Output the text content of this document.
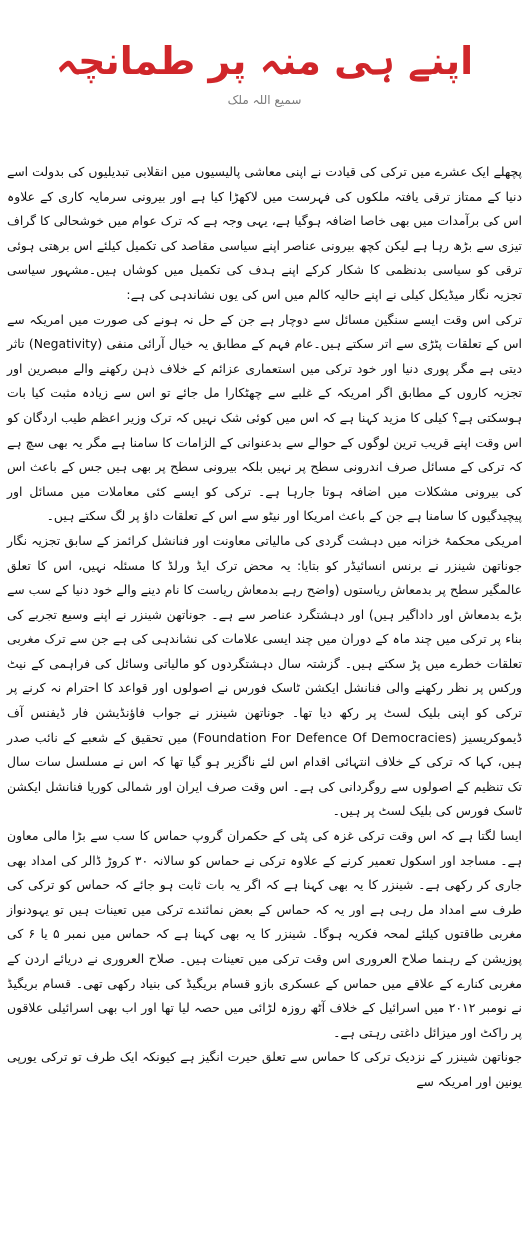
اپنے ہی منہ پر طمانچہ
سمیع اللہ ملک

پچھلے ایک عشرے میں ترکی کی قیادت نے اپنی معاشی پالیسیوں میں انقلابی تبدیلیوں کی بدولت اسے دنیا کے ممتاز ترقی یافتہ ملکوں کی فہرست میں لاکھڑا کیا ہے اور بیرونی سرمایہ کاری کے علاوہ اس کی برآمدات میں بھی خاصا اضافہ ہوگیا ہے، یہی وجہ ہے کہ ترک عوام میں خوشحالی کا گراف تیزی سے بڑھ رہا ہے لیکن کچھ بیرونی عناصر اپنے سیاسی مقاصد کی تکمیل کیلئے اس برھتی ہوئی ترقی کو سیاسی بدنظمی کا شکار کرکے اپنے ہدف کی تکمیل میں کوشاں ہیں۔مشہور سیاسی تجزیہ نگار میڈیکل کیلی نے اپنے حالیہ کالم میں اس کی یوں نشاندہی کی ہے:

ترکی اس وقت ایسے سنگین مسائل سے دوچار ہے جن کے حل نہ ہونے کی صورت میں امریکہ سے اس کے تعلقات پٹڑی سے اتر سکتے ہیں۔عام فہم کے مطابق یہ خیال آرائی منفی (Negativity) تاثر دیتی ہے مگر پوری دنیا اور خود ترکی میں استعماری عزائم کے خلاف ذہن رکھنے والے مبصرین اور تجزیہ کاروں کے مطابق اگر امریکہ کے غلبے سے چھٹکارا مل جائے تو اس سے زیادہ مثبت کیا بات ہوسکتی ہے؟ کیلی کا مزید کہنا ہے کہ اس میں کوئی شک نہیں کہ ترک وزیر اعظم طیب اردگان کو اس وقت اپنے قریب ترین لوگوں کے حوالے سے بدعنوانی کے الزامات کا سامنا ہے مگر یہ بھی سچ ہے کہ ترکی کے مسائل صرف اندرونی سطح پر نہیں بلکہ بیرونی سطح پر بھی ہیں جس کے باعث اس کی بیرونی مشکلات میں اضافہ ہوتا جارہا ہے۔ ترکی کو ایسے کئی معاملات میں مسائل اور پیچیدگیوں کا سامنا ہے جن کے باعث امریکا اور نیٹو سے اس کے تعلقات داؤ پر لگ سکتے ہیں۔

امریکی محکمۂ خزانہ میں دہشت گردی کی مالیاتی معاونت اور فنانشل کرائمز کے سابق تجزیہ نگار جوناتھن شینزر نے برنس انسائیڈر کو بتایا: یہ محض ترک ایڈ ورلڈ کا مسئلہ نہیں، اس کا تعلق عالمگیر سطح پر بدمعاش ریاستوں (واضح رہے بدمعاش ریاست کا نام دینے والے خود دنیا کے سب سے بڑے بدمعاش اور داداگیر ہیں) اور دہشتگرد عناصر سے ہے۔ جوناتھن شینزر نے اپنے وسیع تجربے کی بناء پر ترکی میں چند ماہ کے دوران میں چند ایسی علامات کی نشاندہی کی ہے جن سے ترک مغربی تعلقات خطرے میں پڑ سکتے ہیں۔ گزشتہ سال دہشتگردوں کو مالیاتی وسائل کی فراہمی کے نیٹ ورکس پر نظر رکھنے والی فنانشل ایکشن ٹاسک فورس نے اصولوں اور قواعد کا احترام نہ کرنے پر ترکی کو اپنی بلیک لسٹ پر رکھ دیا تھا۔ جوناتھن شینزر نے جواب فاؤنڈیشن فار ڈیفنس آف ڈیموکریسیز (Foundation For Defence Of Democracies) میں تحقیق کے شعبے کے نائب صدر ہیں، کہا کہ ترکی کے خلاف انتہائی اقدام اس لئے ناگزیر ہو گیا تھا کہ اس نے مسلسل سات سال تک تنظیم کے اصولوں سے روگردانی کی ہے۔ اس وقت صرف ایران اور شمالی کوریا فنانشل ایکشن ٹاسک فورس کی بلیک لسٹ پر ہیں۔

ایسا لگتا ہے کہ اس وقت ترکی غزہ کی پٹی کے حکمران گروپ حماس کا سب سے بڑا مالی معاون ہے۔ مساجد اور اسکول تعمیر کرنے کے علاوہ ترکی نے حماس کو سالانہ ۳۰ کروڑ ڈالر کی امداد بھی جاری کر رکھی ہے۔ شینزر کا یہ بھی کہنا ہے کہ اگر یہ بات ثابت ہو جائے کہ حماس کو ترکی کی طرف سے امداد مل رہی ہے اور یہ کہ حماس کے بعض نمائندے ترکی میں تعینات ہیں تو یہودنواز مغربی طاقتوں کیلئے لمحہ فکریہ ہوگا۔ شینزر کا یہ بھی کہنا ہے کہ حماس میں نمبر ۵ یا ۶ کی پوزیشن کے رہنما صلاح العروری اس وقت ترکی میں تعینات ہیں۔ صلاح العروری نے دریائے اردن کے مغربی کنارے کے علاقے میں حماس کے عسکری بازو قسام بریگیڈ کی بنیاد رکھی تھی۔ قسام بریگیڈ نے نومبر ۲۰۱۲ میں اسرائیل کے خلاف آٹھ روزہ لڑائی میں حصہ لیا تھا اور اب بھی اسرائیلی علاقوں پر راکٹ اور میزائل داغتی رہتی ہے۔

جوناتھن شینزر کے نزدیک ترکی کا حماس سے تعلق حیرت انگیز ہے کیونکہ ایک طرف تو ترکی یورپی یونین اور امریکہ سے
